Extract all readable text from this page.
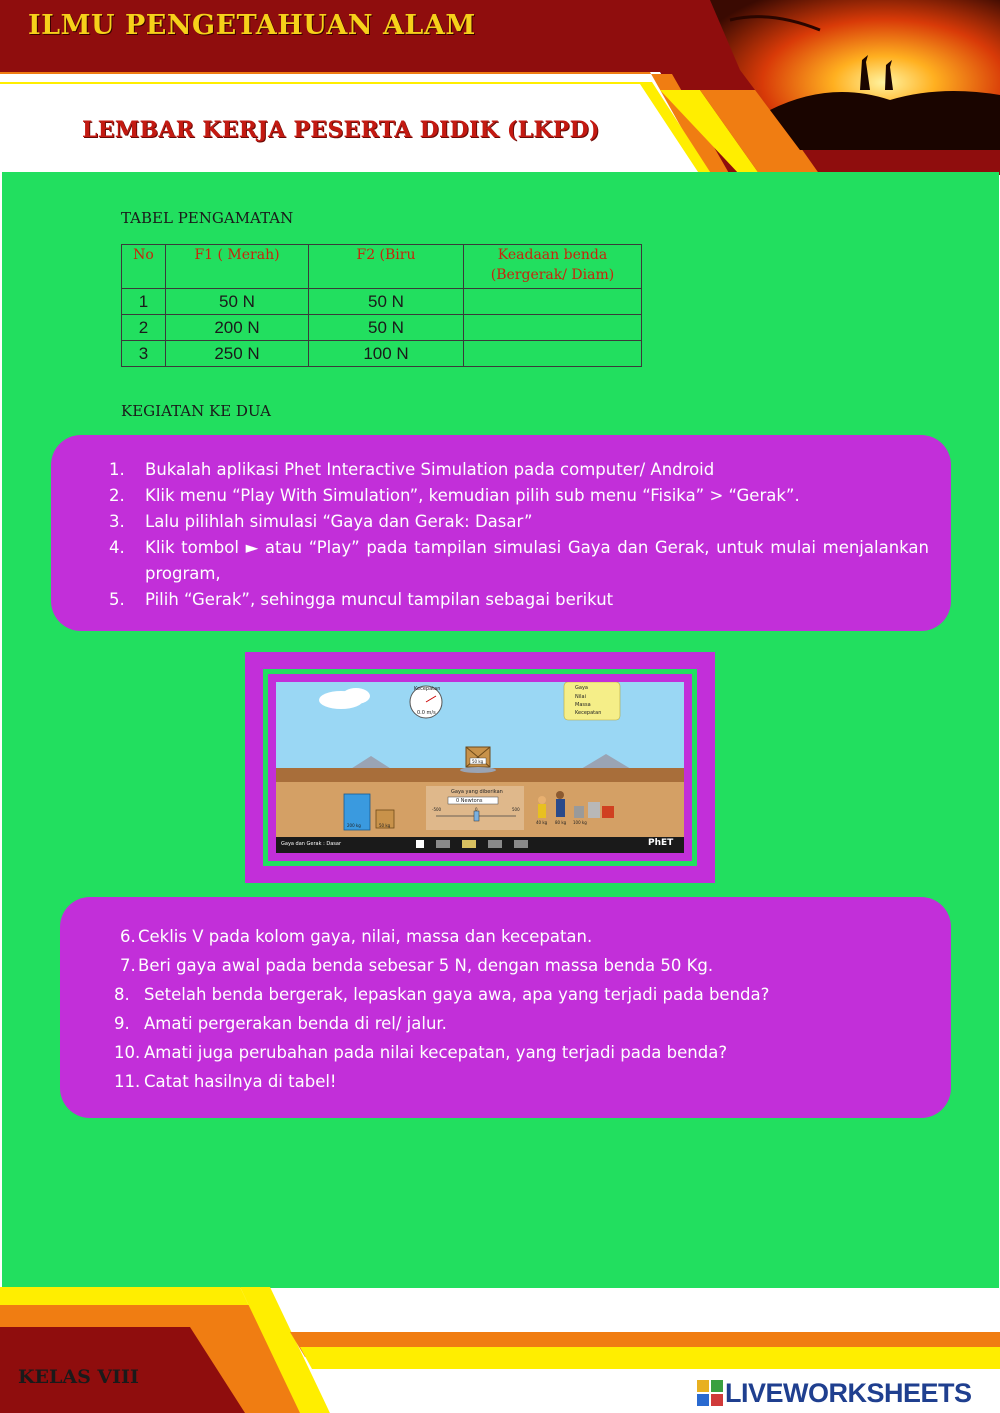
ILMU PENGETAHUAN ALAM
LEMBAR KERJA PESERTA DIDIK (LKPD)

TABEL PENGAMATAN

No	F1 ( Merah)	F2 (Biru	Keadaan benda
(Bergerak/ Diam)
1	50 N	50 N	
2	200 N	50 N	
3	250 N	100 N	

KEGIATAN KE DUA

1. Bukalah aplikasi Phet Interactive Simulation pada computer/ Android
2. Klik menu “Play With Simulation”, kemudian pilih sub menu “Fisika” > “Gerak”.
3. Lalu pilihlah simulasi “Gaya dan Gerak: Dasar”
4. Klik tombol ► atau “Play” pada tampilan simulasi Gaya dan Gerak, untuk mulai menjalankan program,
5. Pilih “Gerak”, sehingga muncul tampilan sebagai berikut
Kecepatan
0.0 m/s
Gaya
Nilai
Massa
Kecepatan
50 kg
Gaya yang diberikan
0 Newtons
-500	0	500
200 kg	50 kg
40 kg 80 kg 100 kg
Gaya dan Gerak : Dasar	PhET
6. Ceklis V pada kolom gaya, nilai, massa dan kecepatan.
7. Beri gaya awal pada benda sebesar 5 N, dengan massa benda 50 Kg.
8. Setelah benda bergerak, lepaskan gaya awa, apa yang terjadi pada benda?
9. Amati pergerakan benda di rel/ jalur.
10. Amati juga perubahan pada nilai kecepatan, yang terjadi pada benda?
11. Catat hasilnya di tabel!

KELAS VIII

LIVEWORKSHEETS
